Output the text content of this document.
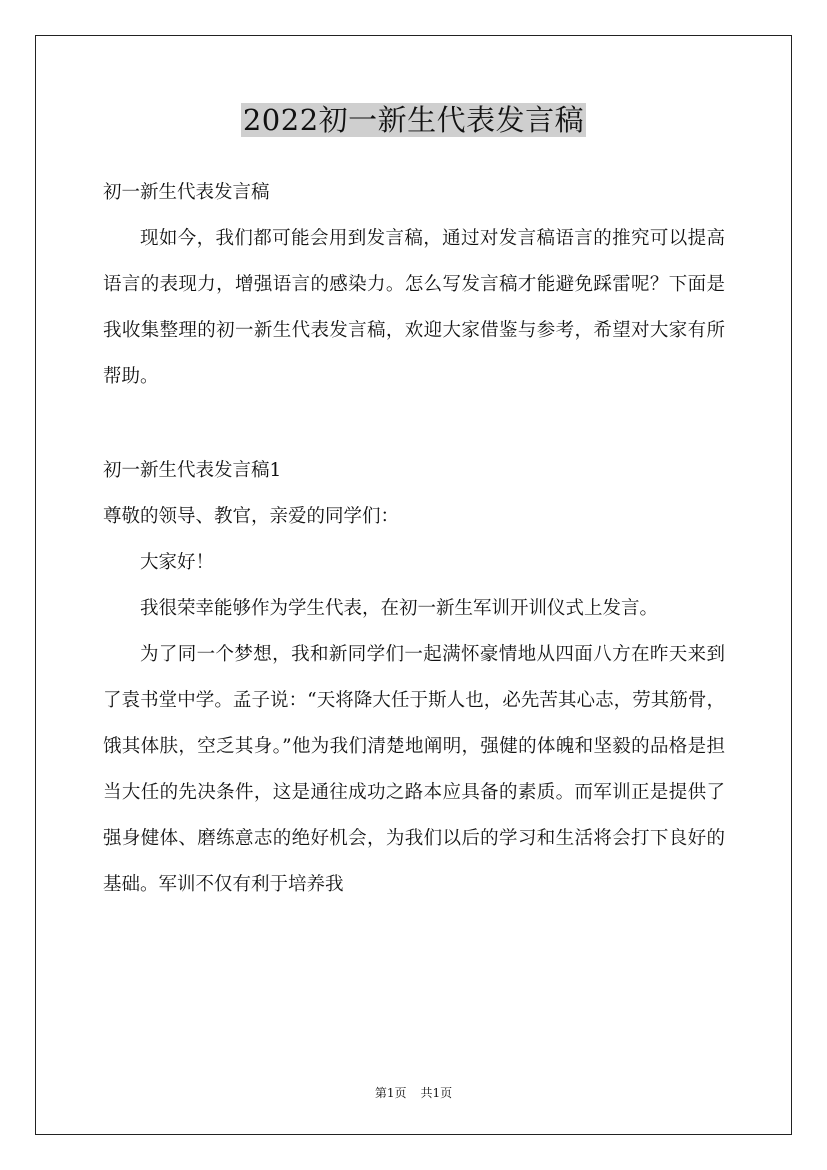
2022初一新生代表发言稿

初一新生代表发言稿

现如今，我们都可能会用到发言稿，通过对发言稿语言的推究可以提高语言的表现力，增强语言的感染力。怎么写发言稿才能避免踩雷呢？下面是我收集整理的初一新生代表发言稿，欢迎大家借鉴与参考，希望对大家有所帮助。

初一新生代表发言稿1

尊敬的领导、教官，亲爱的同学们：

大家好！

我很荣幸能够作为学生代表，在初一新生军训开训仪式上发言。

为了同一个梦想，我和新同学们一起满怀豪情地从四面八方在昨天来到了袁书堂中学。孟子说：“天将降大任于斯人也，必先苦其心志，劳其筋骨，饿其体肤，空乏其身。”他为我们清楚地阐明，强健的体魄和坚毅的品格是担当大任的先决条件，这是通往成功之路本应具备的素质。而军训正是提供了强身健体、磨练意志的绝好机会，为我们以后的学习和生活将会打下良好的基础。军训不仅有利于培养我

第1页 共1页
